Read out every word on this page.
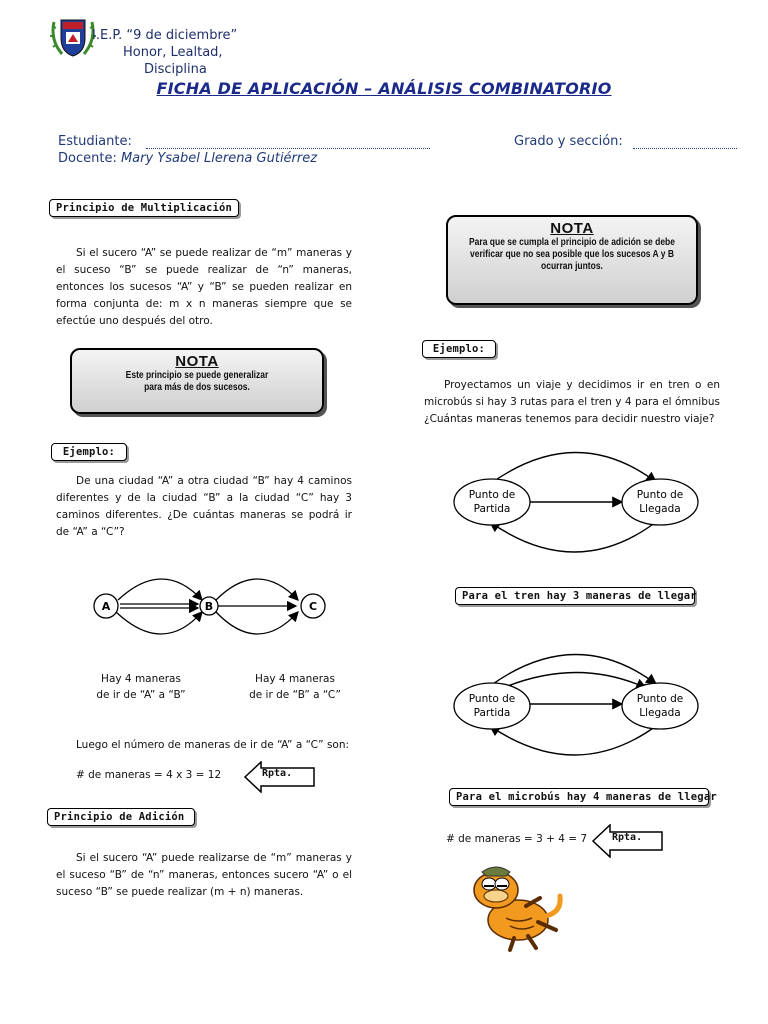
I.E.P. “9 de diciembre”
Honor, Lealtad,
Disciplina
FICHA DE APLICACIÓN – ANÁLISIS COMBINATORIO
Estudiante:	Grado y sección:
Docente: Mary Ysabel Llerena Gutiérrez
Principio de Multiplicación
Si el sucero “A” se puede realizar de “m” maneras y el suceso “B” se puede realizar de “n” maneras, entonces los sucesos “A” y “B” se pueden realizar en forma conjunta de: m x n maneras siempre que se efectúe uno después del otro.
NOTA
Este principio se puede generalizar
para más de dos sucesos.
Ejemplo:
De una ciudad “A” a otra ciudad “B” hay 4 caminos diferentes y de la ciudad “B” a la ciudad “C” hay 3 caminos diferentes. ¿De cuántas maneras se podrá ir de “A” a “C”?
A	B	C
Hay 4 maneras
de ir de “A” a “B”
Hay 4 maneras
de ir de “B” a “C”
Luego el número de maneras de ir de “A” a “C” son:
# de maneras = 4 x 3 = 12	Rpta.
Principio de Adición
Si el sucero “A” puede realizarse de “m” maneras y el suceso “B” de “n” maneras, entonces sucero “A” o el suceso “B” se puede realizar (m + n) maneras.
NOTA
Para que se cumpla el principio de adición se debe
verificar que no sea posible que los sucesos A y B
ocurran juntos.
Ejemplo:
Proyectamos un viaje y decidimos ir en tren o en microbús si hay 3 rutas para el tren y 4 para el ómnibus ¿Cuántas maneras tenemos para decidir nuestro viaje?
Punto de
Partida
Punto de
Llegada
Para el tren hay 3 maneras de llegar
Punto de
Partida
Punto de
Llegada
Para el microbús hay 4 maneras de llegar
# de maneras = 3 + 4 = 7 Rpta.
